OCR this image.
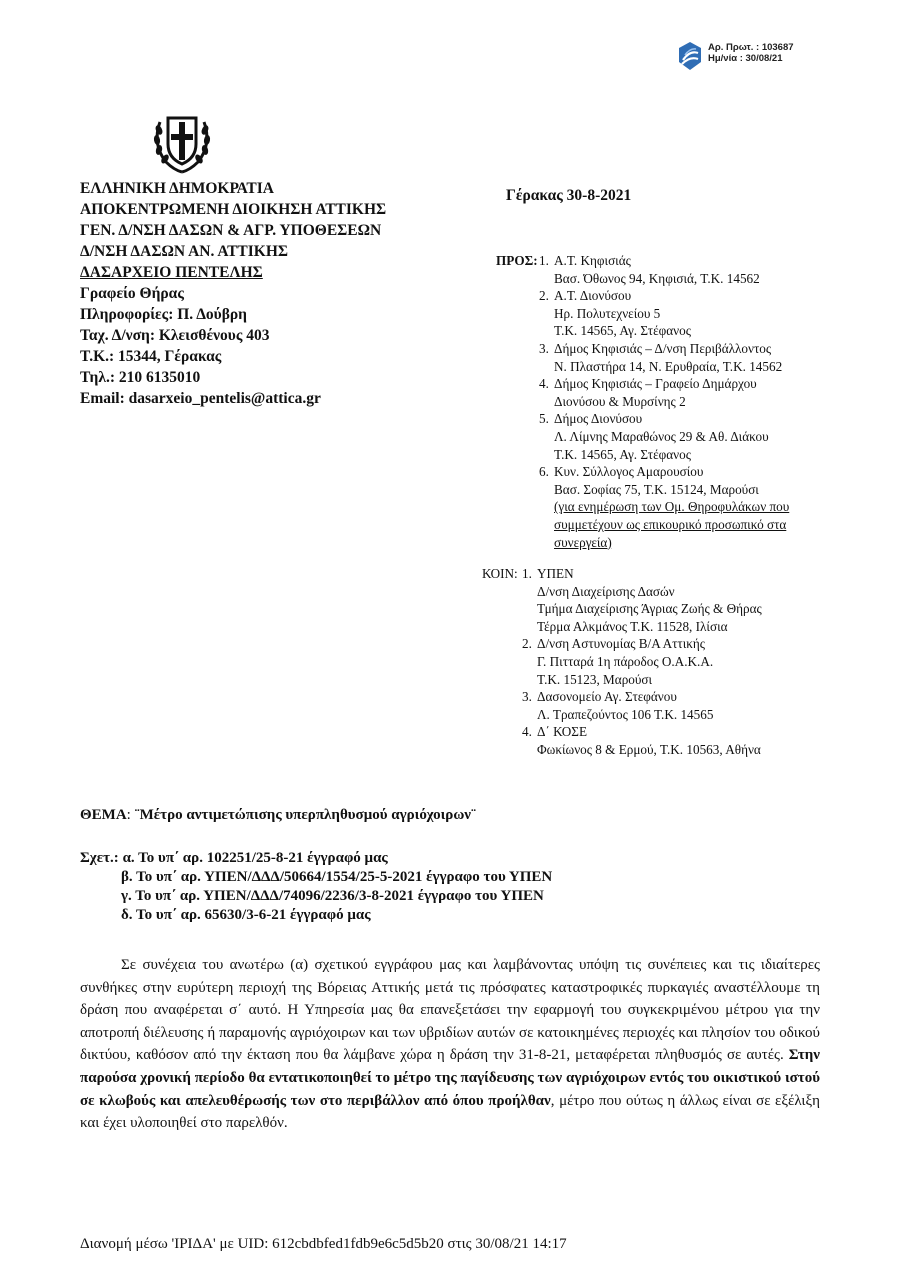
Αρ. Πρωτ. : 103687
Ημ/νία : 30/08/21
ΕΛΛΗΝΙΚΗ ΔΗΜΟΚΡΑΤΙΑ
ΑΠΟΚΕΝΤΡΩΜΕΝΗ ΔΙΟΙΚΗΣΗ ΑΤΤΙΚΗΣ
ΓΕΝ. Δ/ΝΣΗ ΔΑΣΩΝ & ΑΓΡ. ΥΠΟΘΕΣΕΩΝ
Δ/ΝΣΗ ΔΑΣΩΝ ΑΝ. ΑΤΤΙΚΗΣ
ΔΑΣΑΡΧΕΙΟ ΠΕΝΤΕΛΗΣ
Γραφείο Θήρας
Πληροφορίες: Π. Δούβρη
Ταχ. Δ/νση: Κλεισθένους 403
Τ.Κ.: 15344, Γέρακας
Τηλ.: 210 6135010
Email: dasarxeio_pentelis@attica.gr
Γέρακας 30-8-2021
ΠΡΟΣ: 1. Α.Τ. Κηφισιάς
Βασ. Όθωνος 94, Κηφισιά, Τ.Κ. 14562
2. Α.Τ. Διονύσου
Ηρ. Πολυτεχνείου 5
Τ.Κ. 14565, Αγ. Στέφανος
3. Δήμος Κηφισιάς – Δ/νση Περιβάλλοντος
Ν. Πλαστήρα 14, Ν. Ερυθραία, Τ.Κ. 14562
4. Δήμος Κηφισιάς – Γραφείο Δημάρχου
Διονύσου & Μυρσίνης 2
5. Δήμος Διονύσου
Λ. Λίμνης Μαραθώνος 29 & Αθ. Διάκου
Τ.Κ. 14565, Αγ. Στέφανος
6. Κυν. Σύλλογος Αμαρουσίου
Βασ. Σοφίας 75, Τ.Κ. 15124, Μαρούσι
(για ενημέρωση των Ομ. Θηροφυλάκων που
συμμετέχουν ως επικουρικό προσωπικό στα
συνεργεία)
ΚΟΙΝ: 1. ΥΠΕΝ
Δ/νση Διαχείρισης Δασών
Τμήμα Διαχείρισης Άγριας Ζωής & Θήρας
Τέρμα Αλκμάνος Τ.Κ. 11528, Ιλίσια
2. Δ/νση Αστυνομίας Β/Α Αττικής
Γ. Πιτταρά 1η πάροδος Ο.Α.Κ.Α.
Τ.Κ. 15123, Μαρούσι
3. Δασονομείο Αγ. Στεφάνου
Λ. Τραπεζούντος 106 Τ.Κ. 14565
4. Δ΄ ΚΟΣΕ
Φωκίωνος 8 & Ερμού, Τ.Κ. 10563, Αθήνα
ΘΕΜΑ: ¨Μέτρο αντιμετώπισης υπερπληθυσμού αγριόχοιρων¨
Σχετ.: α. Το υπ΄ αρ. 102251/25-8-21 έγγραφό μας
β. Το υπ΄ αρ. ΥΠΕΝ/ΔΔΔ/50664/1554/25-5-2021 έγγραφο του ΥΠΕΝ
γ. Το υπ΄ αρ. ΥΠΕΝ/ΔΔΔ/74096/2236/3-8-2021 έγγραφο του ΥΠΕΝ
δ. Το υπ΄ αρ. 65630/3-6-21 έγγραφό μας

Σε συνέχεια του ανωτέρω (α) σχετικού εγγράφου μας και λαμβάνοντας υπόψη τις συνέπειες και τις ιδιαίτερες συνθήκες στην ευρύτερη περιοχή της Βόρειας Αττικής μετά τις πρόσφατες καταστροφικές πυρκαγιές αναστέλλουμε τη δράση που αναφέρεται σ΄ αυτό. Η Υπηρεσία μας θα επανεξετάσει την εφαρμογή του συγκεκριμένου μέτρου για την αποτροπή διέλευσης ή παραμονής αγριόχοιρων και των υβριδίων αυτών σε κατοικημένες περιοχές και πλησίον του οδικού δικτύου, καθόσον από την έκταση που θα λάμβανε χώρα η δράση την 31-8-21, μεταφέρεται πληθυσμός σε αυτές. Στην παρούσα χρονική περίοδο θα εντατικοποιηθεί το μέτρο της παγίδευσης των αγριόχοιρων εντός του οικιστικού ιστού σε κλωβούς και απελευθέρωσής των στο περιβάλλον από όπου προήλθαν, μέτρο που ούτως η άλλως είναι σε εξέλιξη και έχει υλοποιηθεί στο παρελθόν.

Διανομή μέσω 'ΙΡΙΔΑ' με UID: 612cbdbfed1fdb9e6c5d5b20 στις 30/08/21 14:17
